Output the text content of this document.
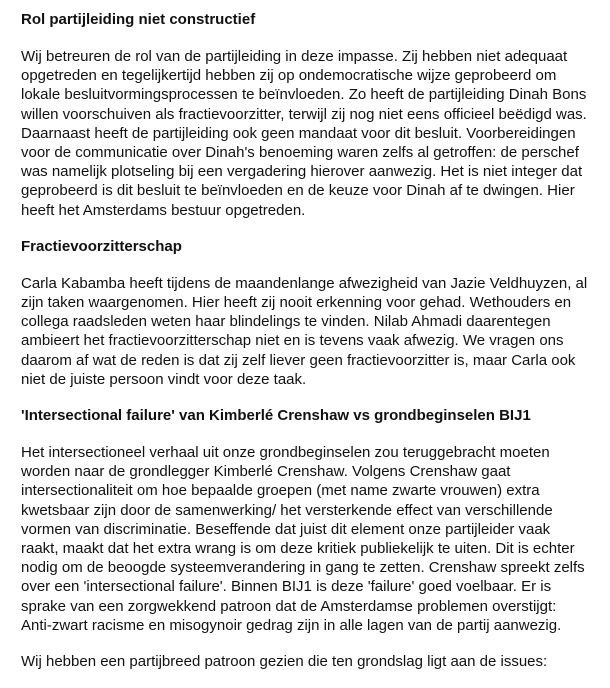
Rol partijleiding niet constructief
Wij betreuren de rol van de partijleiding in deze impasse. Zij hebben niet adequaat
opgetreden en tegelijkertijd hebben zij op ondemocratische wijze geprobeerd om
lokale besluitvormingsprocessen te beïnvloeden. Zo heeft de partijleiding Dinah Bons
willen voorschuiven als fractievoorzitter, terwijl zij nog niet eens officieel beëdigd was.
Daarnaast heeft de partijleiding ook geen mandaat voor dit besluit. Voorbereidingen
voor de communicatie over Dinah's benoeming waren zelfs al getroffen: de perschef
was namelijk plotseling bij een vergadering hierover aanwezig. Het is niet integer dat
geprobeerd is dit besluit te beïnvloeden en de keuze voor Dinah af te dwingen. Hier
heeft het Amsterdams bestuur opgetreden.
Fractievoorzitterschap
Carla Kabamba heeft tijdens de maandenlange afwezigheid van Jazie Veldhuyzen, al
zijn taken waargenomen. Hier heeft zij nooit erkenning voor gehad. Wethouders en
collega raadsleden weten haar blindelings te vinden. Nilab Ahmadi daarentegen
ambieert het fractievoorzitterschap niet en is tevens vaak afwezig. We vragen ons
daarom af wat de reden is dat zij zelf liever geen fractievoorzitter is, maar Carla ook
niet de juiste persoon vindt voor deze taak.
'Intersectional failure' van Kimberlé Crenshaw vs grondbeginselen BIJ1
Het intersectioneel verhaal uit onze grondbeginselen zou teruggebracht moeten
worden naar de grondlegger Kimberlé Crenshaw. Volgens Crenshaw gaat
intersectionaliteit om hoe bepaalde groepen (met name zwarte vrouwen) extra
kwetsbaar zijn door de samenwerking/ het versterkende effect van verschillende
vormen van discriminatie. Beseffende dat juist dit element onze partijleider vaak
raakt, maakt dat het extra wrang is om deze kritiek publiekelijk te uiten. Dit is echter
nodig om de beoogde systeemverandering in gang te zetten. Crenshaw spreekt zelfs
over een 'intersectional failure'. Binnen BIJ1 is deze 'failure' goed voelbaar. Er is
sprake van een zorgwekkend patroon dat de Amsterdamse problemen overstijgt:
Anti-zwart racisme en misogynoir gedrag zijn in alle lagen van de partij aanwezig.
Wij hebben een partijbreed patroon gezien die ten grondslag ligt aan de issues:
